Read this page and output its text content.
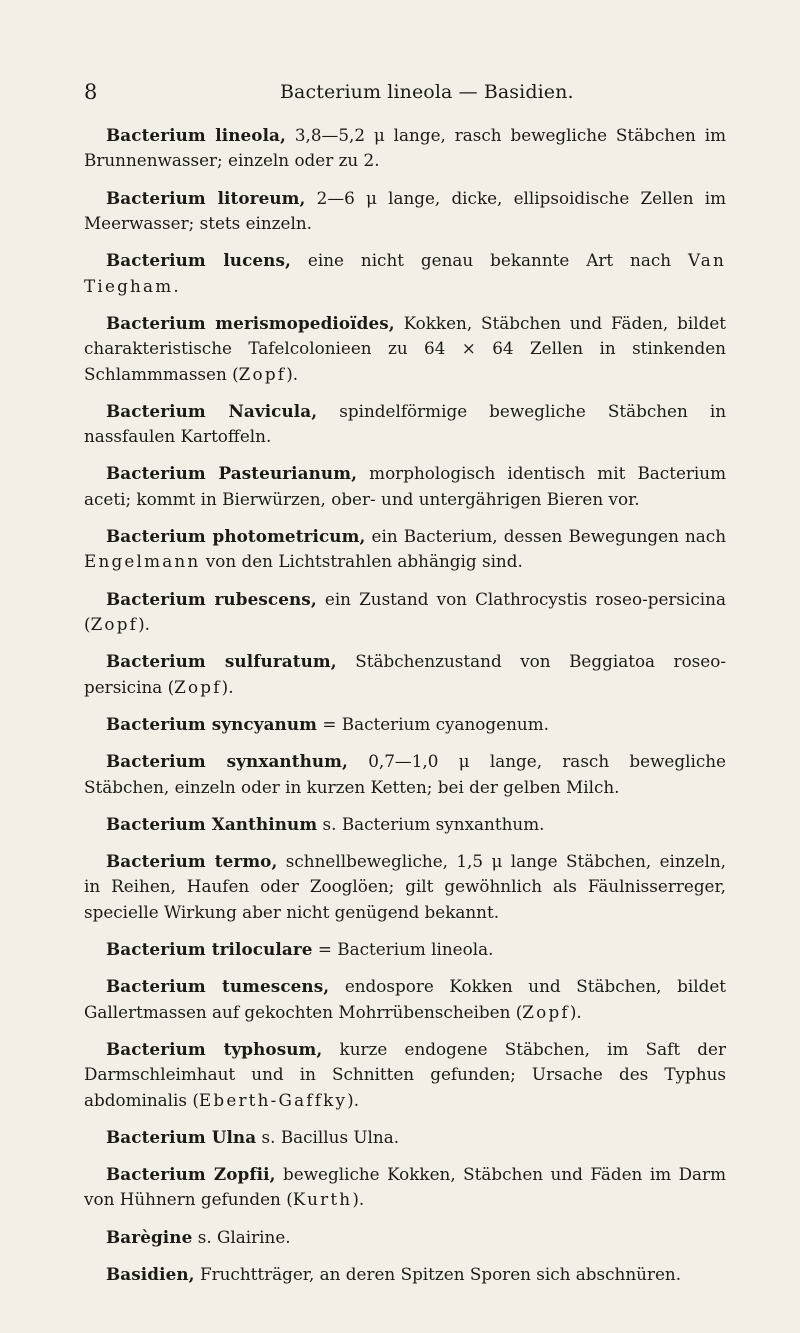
8	Bacterium lineola — Basidien.

Bacterium lineola, 3,8—5,2 μ lange, rasch bewegliche Stäbchen im Brunnenwasser; einzeln oder zu 2.

Bacterium litoreum, 2—6 μ lange, dicke, ellipsoidische Zellen im Meerwasser; stets einzeln.

Bacterium lucens, eine nicht genau bekannte Art nach Van Tiegham.

Bacterium merismopedioïdes, Kokken, Stäbchen und Fäden, bildet charakteristische Tafelcolonieen zu 64 × 64 Zellen in stinkenden Schlammmassen (Zopf).

Bacterium Navicula, spindelförmige bewegliche Stäbchen in nassfaulen Kartoffeln.

Bacterium Pasteurianum, morphologisch identisch mit Bacterium aceti; kommt in Bierwürzen, ober- und untergährigen Bieren vor.

Bacterium photometricum, ein Bacterium, dessen Bewegungen nach Engelmann von den Lichtstrahlen abhängig sind.

Bacterium rubescens, ein Zustand von Clathrocystis roseo-persicina (Zopf).

Bacterium sulfuratum, Stäbchenzustand von Beggiatoa roseo-persicina (Zopf).

Bacterium syncyanum = Bacterium cyanogenum.

Bacterium synxanthum, 0,7—1,0 μ lange, rasch bewegliche Stäbchen, einzeln oder in kurzen Ketten; bei der gelben Milch.

Bacterium Xanthinum s. Bacterium synxanthum.

Bacterium termo, schnellbewegliche, 1,5 μ lange Stäbchen, einzeln, in Reihen, Haufen oder Zooglöen; gilt gewöhnlich als Fäulnisserreger, specielle Wirkung aber nicht genügend bekannt.

Bacterium triloculare = Bacterium lineola.

Bacterium tumescens, endospore Kokken und Stäbchen, bildet Gallertmassen auf gekochten Mohrrübenscheiben (Zopf).

Bacterium typhosum, kurze endogene Stäbchen, im Saft der Darmschleimhaut und in Schnitten gefunden; Ursache des Typhus abdominalis (Eberth-Gaffky).

Bacterium Ulna s. Bacillus Ulna.

Bacterium Zopfii, bewegliche Kokken, Stäbchen und Fäden im Darm von Hühnern gefunden (Kurth).

Barègine s. Glairine.

Basidien, Fruchtträger, an deren Spitzen Sporen sich abschnüren.
